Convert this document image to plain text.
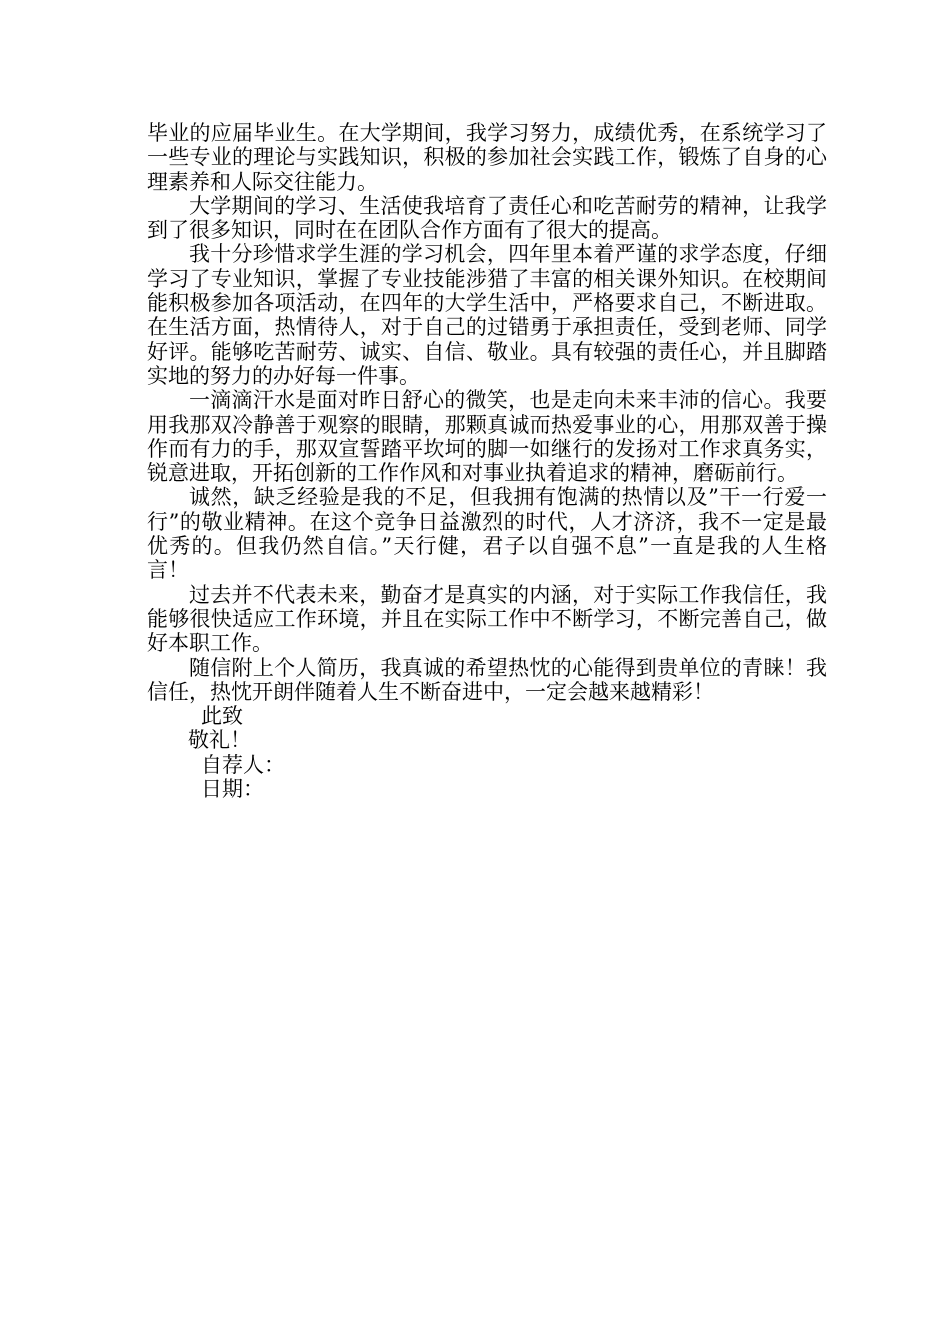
毕业的应届毕业生。在大学期间，我学习努力，成绩优秀，在系统学习了一些专业的理论与实践知识，积极的参加社会实践工作，锻炼了自身的心理素养和人际交往能力。

大学期间的学习、生活使我培育了责任心和吃苦耐劳的精神，让我学到了很多知识，同时在在团队合作方面有了很大的提高。

我十分珍惜求学生涯的学习机会，四年里本着严谨的求学态度，仔细学习了专业知识，掌握了专业技能涉猎了丰富的相关课外知识。在校期间能积极参加各项活动，在四年的大学生活中，严格要求自己，不断进取。在生活方面，热情待人，对于自己的过错勇于承担责任，受到老师、同学好评。能够吃苦耐劳、诚实、自信、敬业。具有较强的责任心，并且脚踏实地的努力的办好每一件事。

一滴滴汗水是面对昨日舒心的微笑，也是走向未来丰沛的信心。我要用我那双冷静善于观察的眼睛，那颗真诚而热爱事业的心，用那双善于操作而有力的手，那双宣誓踏平坎坷的脚一如继行的发扬对工作求真务实，锐意进取，开拓创新的工作作风和对事业执着追求的精神，磨砺前行。

诚然，缺乏经验是我的不足，但我拥有饱满的热情以及”干一行爱一行”的敬业精神。在这个竞争日益激烈的时代，人才济济，我不一定是最优秀的。但我仍然自信。”天行健，君子以自强不息”一直是我的人生格言！

过去并不代表未来，勤奋才是真实的内涵，对于实际工作我信任，我能够很快适应工作环境，并且在实际工作中不断学习，不断完善自己，做好本职工作。

随信附上个人简历，我真诚的希望热忱的心能得到贵单位的青睐！我信任，热忱开朗伴随着人生不断奋进中，一定会越来越精彩！

此致

敬礼！

自荐人：

日期：
